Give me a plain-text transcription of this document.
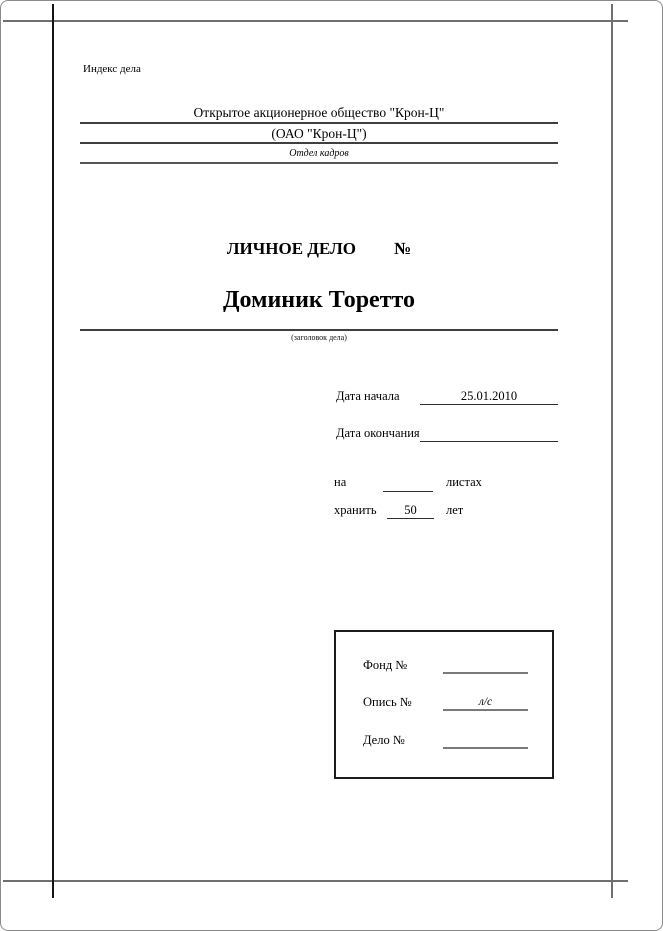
Индекс дела
Открытое акционерное общество "Крон-Ц"
(ОАО "Крон-Ц")
Отдел кадров
ЛИЧНОЕ ДЕЛО №
Доминик Торетто
(заголовок дела)
Дата начала	25.01.2010
Дата окончания
на	листах
хранить	50	лет
Фонд №
Опись №	л/с
Дело №
